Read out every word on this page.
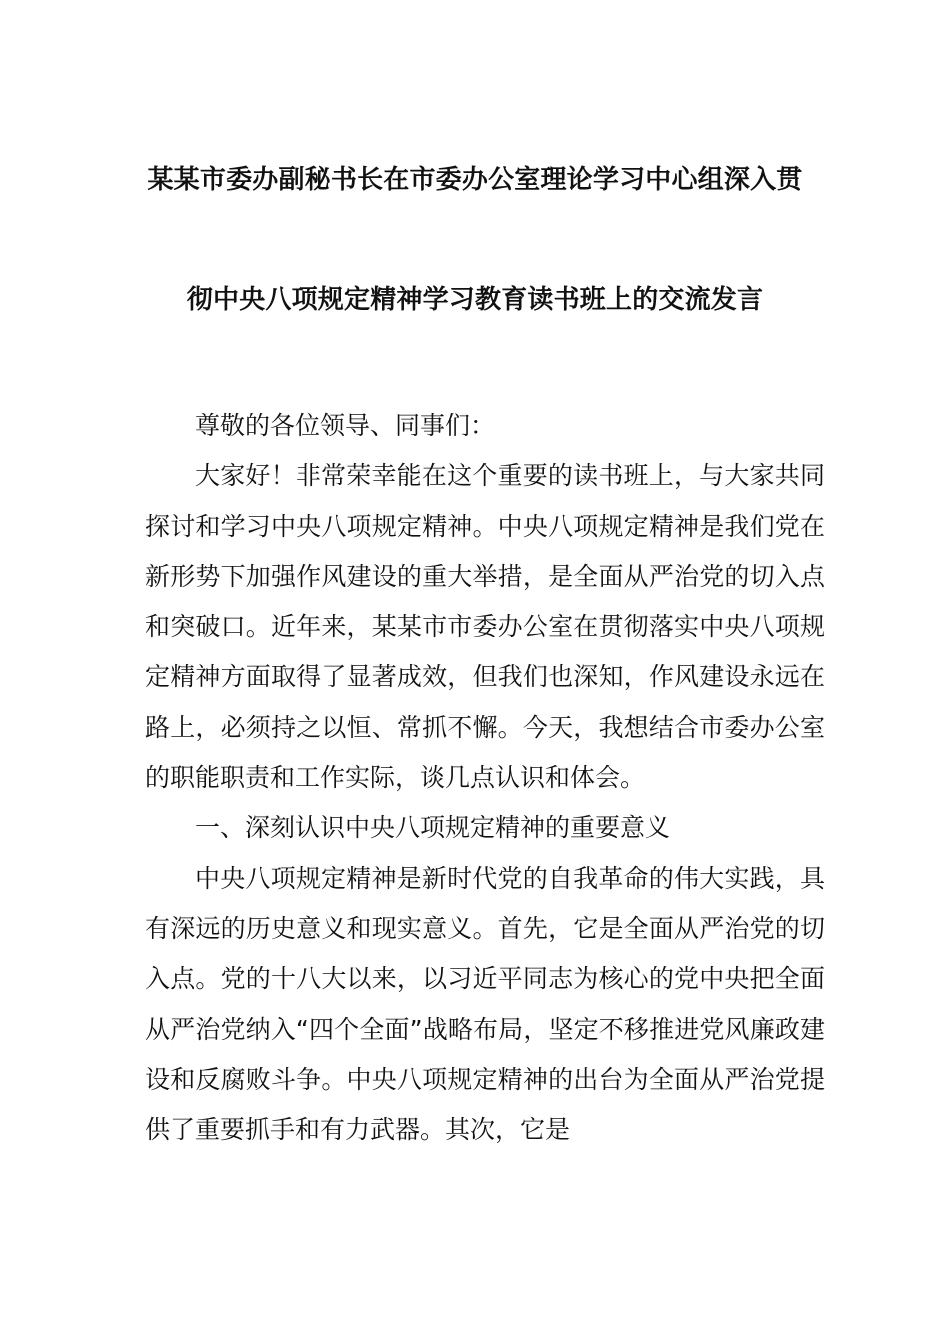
某某市委办副秘书长在市委办公室理论学习中心组深入贯
彻中央八项规定精神学习教育读书班上的交流发言

尊敬的各位领导、同事们：

大家好！非常荣幸能在这个重要的读书班上，与大家共同探讨和学习中央八项规定精神。中央八项规定精神是我们党在新形势下加强作风建设的重大举措，是全面从严治党的切入点和突破口。近年来，某某市市委办公室在贯彻落实中央八项规定精神方面取得了显著成效，但我们也深知，作风建设永远在路上，必须持之以恒、常抓不懈。今天，我想结合市委办公室的职能职责和工作实际，谈几点认识和体会。

一、深刻认识中央八项规定精神的重要意义

中央八项规定精神是新时代党的自我革命的伟大实践，具有深远的历史意义和现实意义。首先，它是全面从严治党的切入点。党的十八大以来，以习近平同志为核心的党中央把全面从严治党纳入“四个全面”战略布局，坚定不移推进党风廉政建设和反腐败斗争。中央八项规定精神的出台为全面从严治党提供了重要抓手和有力武器。其次，它是
